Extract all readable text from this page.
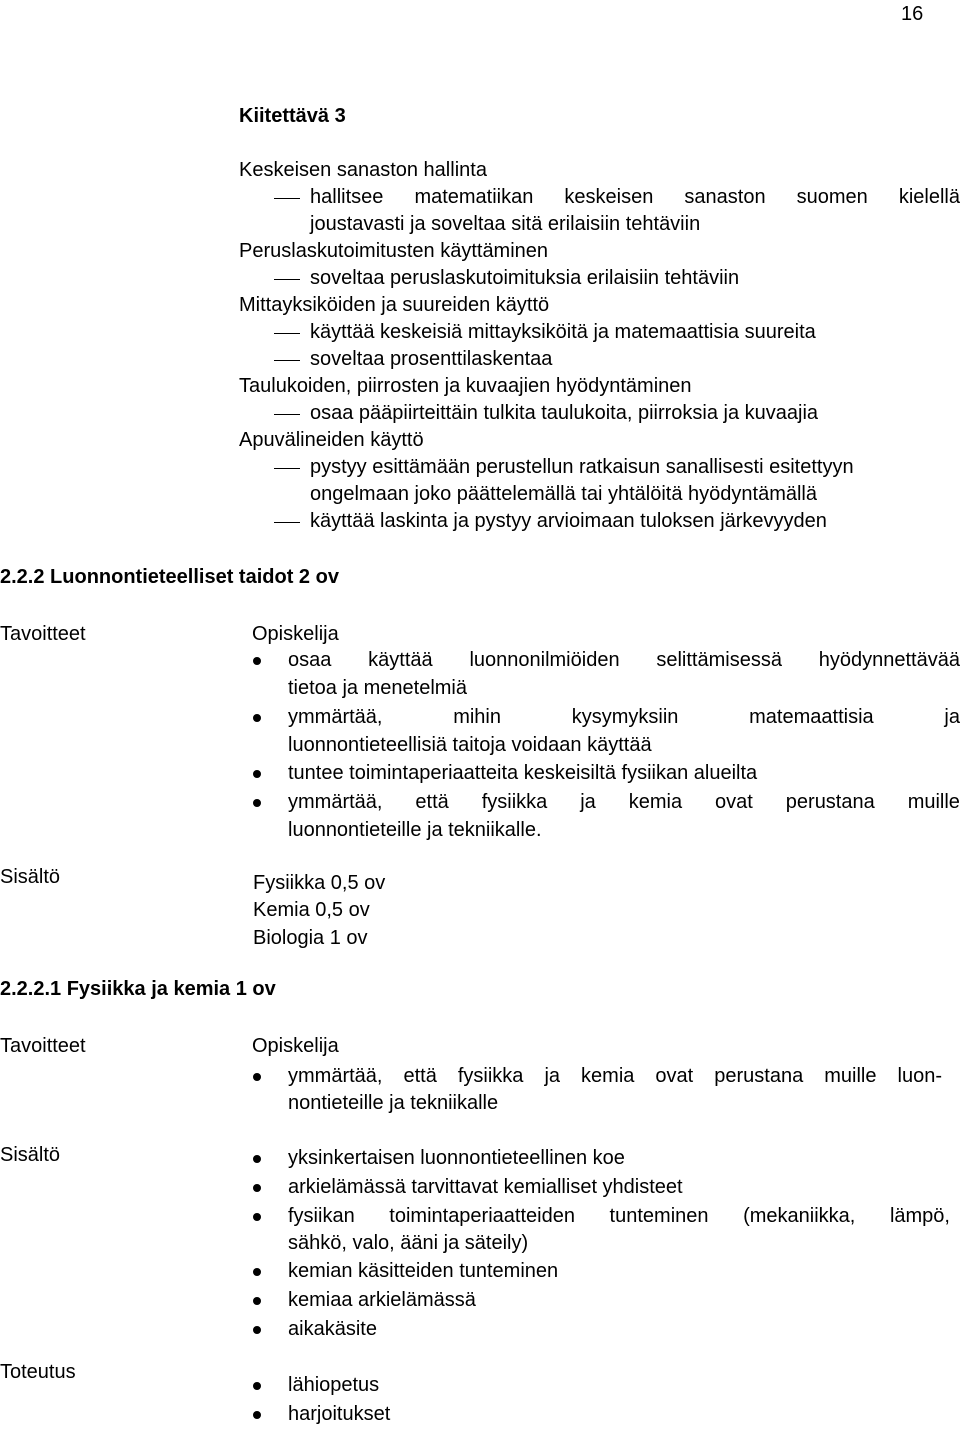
16
Kiitettävä 3
Keskeisen sanaston hallinta
hallitsee matematiikan keskeisen sanaston suomen kielellä
joustavasti ja soveltaa sitä erilaisiin tehtäviin
Peruslaskutoimitusten käyttäminen
soveltaa peruslaskutoimituksia erilaisiin tehtäviin
Mittayksiköiden ja suureiden käyttö
käyttää keskeisiä mittayksiköitä ja matemaattisia suureita
soveltaa prosenttilaskentaa
Taulukoiden, piirrosten ja kuvaajien hyödyntäminen
osaa pääpiirteittäin tulkita taulukoita, piirroksia ja kuvaajia
Apuvälineiden käyttö
pystyy esittämään perustellun ratkaisun sanallisesti esitettyyn
ongelmaan joko päättelemällä tai yhtälöitä hyödyntämällä
käyttää laskinta ja pystyy arvioimaan tuloksen järkevyyden
2.2.2 Luonnontieteelliset taidot 2 ov
Tavoitteet	Opiskelija
osaa käyttää luonnonilmiöiden selittämisessä hyödynnettävää
tietoa ja menetelmiä
ymmärtää,	mihin	kysymyksiin	matemaattisia	ja
luonnontieteellisiä taitoja voidaan käyttää
tuntee toimintaperiaatteita keskeisiltä fysiikan alueilta
ymmärtää, että fysiikka ja kemia ovat perustana muille
luonnontieteille ja tekniikalle.
Sisältö	Fysiikka 0,5 ov
Kemia 0,5 ov
Biologia 1 ov
2.2.2.1 Fysiikka ja kemia 1 ov
Tavoitteet	Opiskelija
ymmärtää, että fysiikka ja kemia ovat perustana muille luon-
nontieteille ja tekniikalle
Sisältö	yksinkertaisen luonnontieteellinen koe
arkielämässä tarvittavat kemialliset yhdisteet
fysiikan toimintaperiaatteiden tunteminen (mekaniikka, lämpö,
sähkö, valo, ääni ja säteily)
kemian käsitteiden tunteminen
kemiaa arkielämässä
aikakäsite
Toteutus
lähiopetus
harjoitukset
